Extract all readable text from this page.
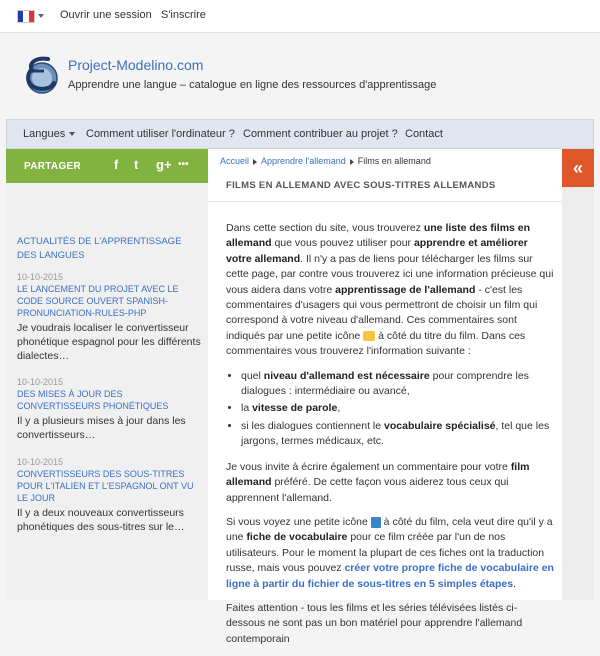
Ouvrir une session S'inscrire
Project-Modelino.com
Apprendre une langue – catalogue en ligne des ressources d'apprentissage
Langues	Comment utiliser l'ordinateur ? Comment contribuer au projet ? Contact
PARTAGER	f t g+ •••
ACTUALITÉS DE L'APPRENTISSAGE DES LANGUES
10-10-2015
LE LANCEMENT DU PROJET AVEC LE CODE SOURCE OUVERT SPANISH-PRONUNCIATION-RULES-PHP
Je voudrais localiser le convertisseur phonétique espagnol pour les différents dialectes…
10-10-2015
DES MISES À JOUR DES CONVERTISSEURS PHONÉTIQUES
Il y a plusieurs mises à jour dans les convertisseurs…
10-10-2015
CONVERTISSEURS DES SOUS-TITRES POUR L'ITALIEN ET L'ESPAGNOL ONT VU LE JOUR
Il y a deux nouveaux convertisseurs phonétiques des sous-titres sur le…
Accueil Apprendre l'allemand Films en allemand
FILMS EN ALLEMAND AVEC SOUS-TITRES ALLEMANDS

Dans cette section du site, vous trouverez une liste des films en allemand que vous pouvez utiliser pour apprendre et améliorer votre allemand. Il n'y a pas de liens pour télécharger les films sur cette page, par contre vous trouverez ici une information précieuse qui vous aidera dans votre apprentissage de l'allemand - c'est les commentaires d'usagers qui vous permettront de choisir un film qui correspond à votre niveau d'allemand. Ces commentaires sont indiqués par une petite icône  à côté du titre du film. Dans ces commentaires vous trouverez l'information suivante :

• quel niveau d'allemand est nécessaire pour comprendre les dialogues : intermédiaire ou avancé,
• la vitesse de parole,
• si les dialogues contiennent le vocabulaire spécialisé, tel que les jargons, termes médicaux, etc.

Je vous invite à écrire également un commentaire pour votre film allemand préféré. De cette façon vous aiderez tous ceux qui apprennent l'allemand.

Si vous voyez une petite icône  à côté du film, cela veut dire qu'il y a une fiche de vocabulaire pour ce film créée par l'un de nos utilisateurs. Pour le moment la plupart de ces fiches ont la traduction russe, mais vous pouvez créer votre propre fiche de vocabulaire en ligne à partir du fichier de sous-titres en 5 simples étapes.

Faites attention - tous les films et les séries télévisées listés ci-dessous ne sont pas un bon matériel pour apprendre l'allemand contemporain

«
